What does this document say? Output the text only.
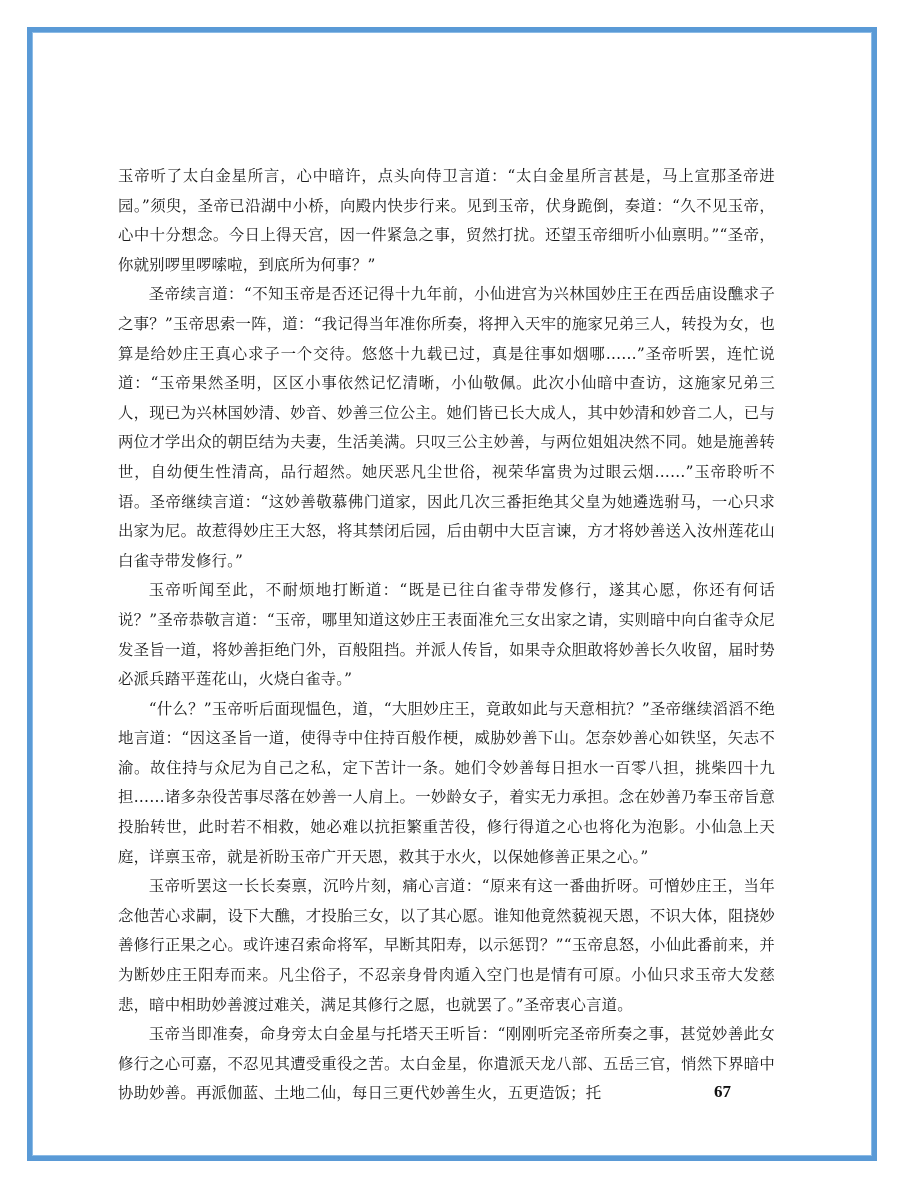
玉帝听了太白金星所言，心中暗许，点头向侍卫言道：“太白金星所言甚是，马上宣那圣帝进园。”须臾，圣帝已沿湖中小桥，向殿内快步行来。见到玉帝，伏身跪倒，奏道：“久不见玉帝，心中十分想念。今日上得天宫，因一件紧急之事，贸然打扰。还望玉帝细听小仙禀明。”“圣帝，你就别啰里啰嗦啦，到底所为何事？”

圣帝续言道：“不知玉帝是否还记得十九年前，小仙进宫为兴林国妙庄王在西岳庙设醮求子之事？”玉帝思索一阵，道：“我记得当年准你所奏，将押入天牢的施家兄弟三人，转投为女，也算是给妙庄王真心求子一个交待。悠悠十九载已过，真是往事如烟哪……”圣帝听罢，连忙说道：“玉帝果然圣明，区区小事依然记忆清晰，小仙敬佩。此次小仙暗中查访，这施家兄弟三人，现已为兴林国妙清、妙音、妙善三位公主。她们皆已长大成人，其中妙清和妙音二人，已与两位才学出众的朝臣结为夫妻，生活美满。只叹三公主妙善，与两位姐姐决然不同。她是施善转世，自幼便生性清高，品行超然。她厌恶凡尘世俗，视荣华富贵为过眼云烟……”玉帝聆听不语。圣帝继续言道：“这妙善敬慕佛门道家，因此几次三番拒绝其父皇为她遴选驸马，一心只求出家为尼。故惹得妙庄王大怒，将其禁闭后园，后由朝中大臣言谏，方才将妙善送入汝州莲花山白雀寺带发修行。”

玉帝听闻至此，不耐烦地打断道：“既是已往白雀寺带发修行，遂其心愿，你还有何话说？”圣帝恭敬言道：“玉帝，哪里知道这妙庄王表面准允三女出家之请，实则暗中向白雀寺众尼发圣旨一道，将妙善拒绝门外，百般阻挡。并派人传旨，如果寺众胆敢将妙善长久收留，届时势必派兵踏平莲花山，火烧白雀寺。”

“什么？”玉帝听后面现愠色，道，“大胆妙庄王，竟敢如此与天意相抗？”圣帝继续滔滔不绝地言道：“因这圣旨一道，使得寺中住持百般作梗，威胁妙善下山。怎奈妙善心如铁坚，矢志不渝。故住持与众尼为自己之私，定下苦计一条。她们令妙善每日担水一百零八担，挑柴四十九担……诸多杂役苦事尽落在妙善一人肩上。一妙龄女子，着实无力承担。念在妙善乃奉玉帝旨意投胎转世，此时若不相救，她必难以抗拒繁重苦役，修行得道之心也将化为泡影。小仙急上天庭，详禀玉帝，就是祈盼玉帝广开天恩，救其于水火，以保她修善正果之心。”

玉帝听罢这一长长奏禀，沉吟片刻，痛心言道：“原来有这一番曲折呀。可憎妙庄王，当年念他苦心求嗣，设下大醮，才投胎三女，以了其心愿。谁知他竟然藐视天恩，不识大体，阻挠妙善修行正果之心。或许速召索命将军，早断其阳寿，以示惩罚？”“玉帝息怒，小仙此番前来，并为断妙庄王阳寿而来。凡尘俗子，不忍亲身骨肉遁入空门也是情有可原。小仙只求玉帝大发慈悲，暗中相助妙善渡过难关，满足其修行之愿，也就罢了。”圣帝衷心言道。

玉帝当即准奏，命身旁太白金星与托塔天王听旨：“刚刚听完圣帝所奏之事，甚觉妙善此女修行之心可嘉，不忍见其遭受重役之苦。太白金星，你遣派天龙八部、五岳三官，悄然下界暗中协助妙善。再派伽蓝、土地二仙，每日三更代妙善生火，五更造饭；托	67
